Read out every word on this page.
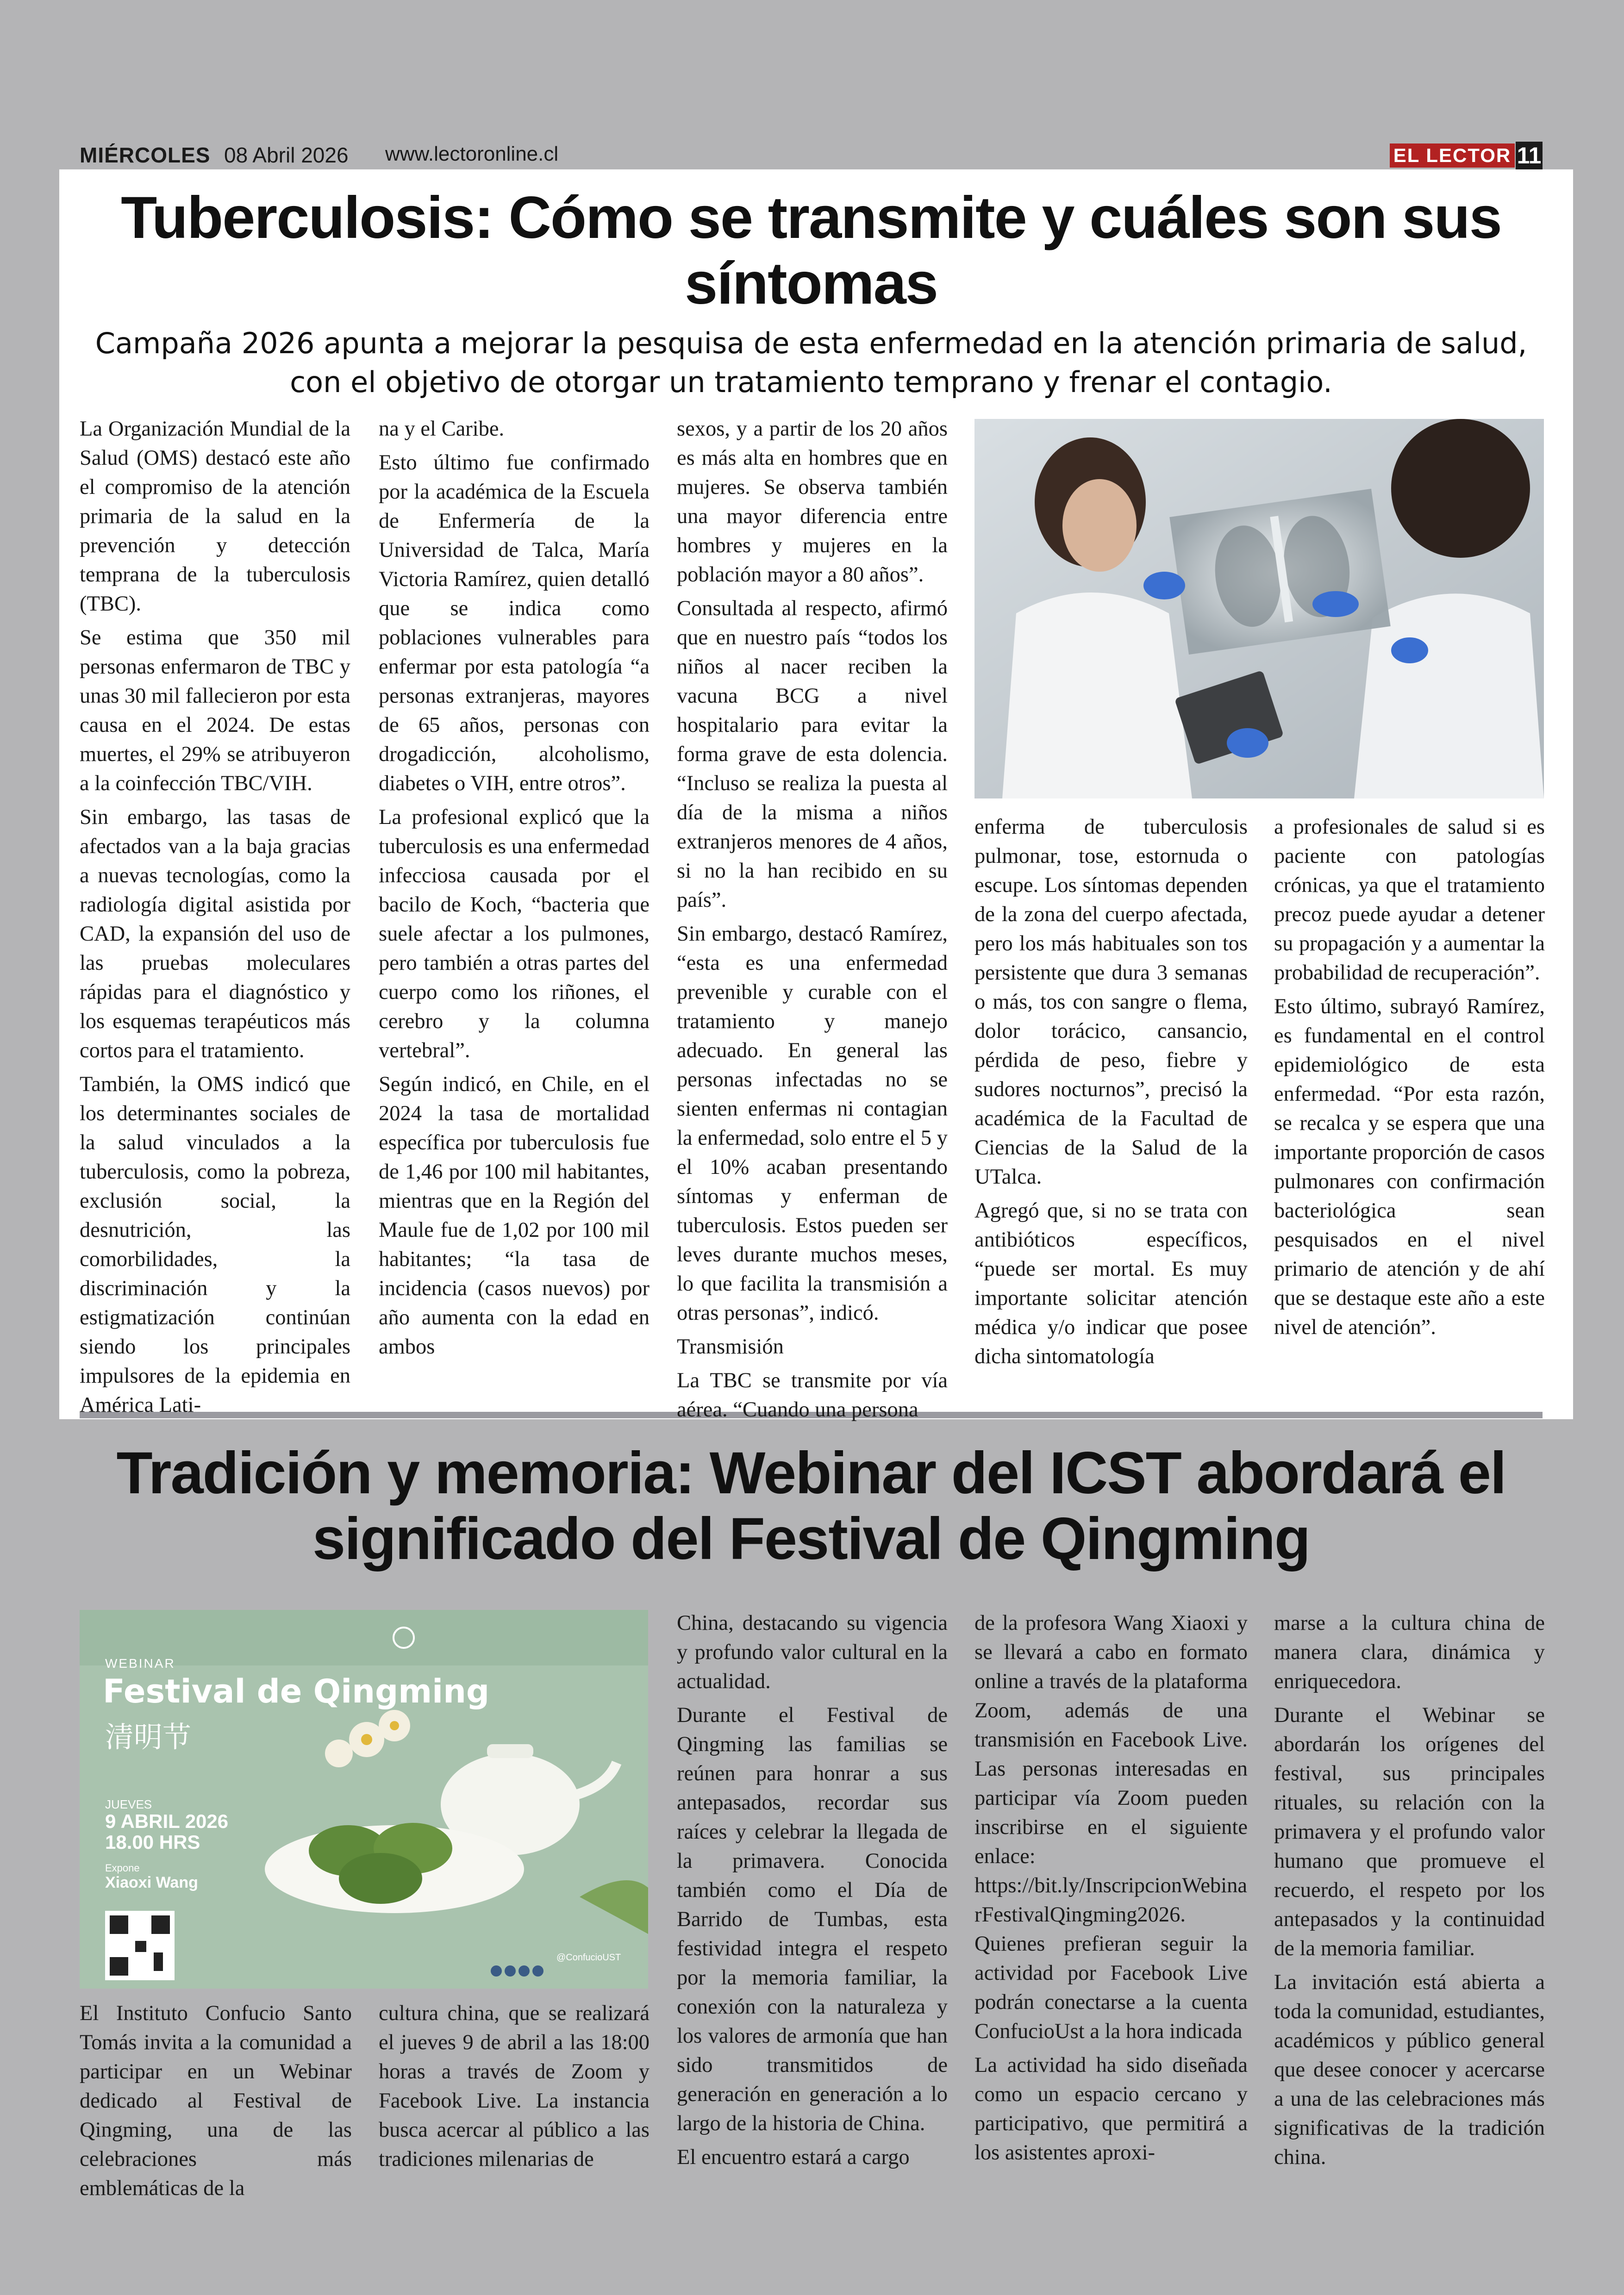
MIÉRCOLES 08 Abril 2026 www.lectoronline.cl	EL LECTOR 11
Tuberculosis: Cómo se transmite y cuáles son sus síntomas
Campaña 2026 apunta a mejorar la pesquisa de esta enfermedad en la atención primaria de salud, con el objetivo de otorgar un tratamiento temprano y frenar el contagio.

La Organización Mundial de la Salud (OMS) destacó este año el compromiso de la atención primaria de la salud en la prevención y detección temprana de la tuberculosis (TBC).

Se estima que 350 mil personas enfermaron de TBC y unas 30 mil fallecieron por esta causa en el 2024. De estas muertes, el 29% se atribuyeron a la coinfección TBC/VIH.

Sin embargo, las tasas de afectados van a la baja gracias a nuevas tecnologías, como la radiología digital asistida por CAD, la expansión del uso de las pruebas moleculares rápidas para el diagnóstico y los esquemas terapéuticos más cortos para el tratamiento.

También, la OMS indicó que los determinantes sociales de la salud vinculados a la tuberculosis, como la pobreza, exclusión social, la desnutrición, las comorbilidades, la discriminación y la estigmatización continúan siendo los principales impulsores de la epidemia en América Lati-

na y el Caribe.

Esto último fue confirmado por la académica de la Escuela de Enfermería de la Universidad de Talca, María Victoria Ramírez, quien detalló que se indica como poblaciones vulnerables para enfermar por esta patología “a personas extranjeras, mayores de 65 años, personas con drogadicción, alcoholismo, diabetes o VIH, entre otros”.

La profesional explicó que la tuberculosis es una enfermedad infecciosa causada por el bacilo de Koch, “bacteria que suele afectar a los pulmones, pero también a otras partes del cuerpo como los riñones, el cerebro y la columna vertebral”.

Según indicó, en Chile, en el 2024 la tasa de mortalidad específica por tuberculosis fue de 1,46 por 100 mil habitantes, mientras que en la Región del Maule fue de 1,02 por 100 mil habitantes; “la tasa de incidencia (casos nuevos) por año aumenta con la edad en ambos

sexos, y a partir de los 20 años es más alta en hombres que en mujeres. Se observa también una mayor diferencia entre hombres y mujeres en la población mayor a 80 años”.

Consultada al respecto, afirmó que en nuestro país “todos los niños al nacer reciben la vacuna BCG a nivel hospitalario para evitar la forma grave de esta dolencia. “Incluso se realiza la puesta al día de la misma a niños extranjeros menores de 4 años, si no la han recibido en su país”.

Sin embargo, destacó Ramírez, “esta es una enfermedad prevenible y curable con el tratamiento y manejo adecuado. En general las personas infectadas no se sienten enfermas ni contagian la enfermedad, solo entre el 5 y el 10% acaban presentando síntomas y enferman de tuberculosis. Estos pueden ser leves durante muchos meses, lo que facilita la transmisión a otras personas”, indicó.

Transmisión

La TBC se transmite por vía aérea. “Cuando una persona

enferma de tuberculosis pulmonar, tose, estornuda o escupe. Los síntomas dependen de la zona del cuerpo afectada, pero los más habituales son tos persistente que dura 3 semanas o más, tos con sangre o flema, dolor torácico, cansancio, pérdida de peso, fiebre y sudores nocturnos”, precisó la académica de la Facultad de Ciencias de la Salud de la UTalca.

Agregó que, si no se trata con antibióticos específicos, “puede ser mortal. Es muy importante solicitar atención médica y/o indicar que posee dicha sintomatología

a profesionales de salud si es paciente con patologías crónicas, ya que el tratamiento precoz puede ayudar a detener su propagación y a aumentar la probabilidad de recuperación”.

Esto último, subrayó Ramírez, es fundamental en el control epidemiológico de esta enfermedad. “Por esta razón, se recalca y se espera que una importante proporción de casos pulmonares con confirmación bacteriológica sean pesquisados en el nivel primario de atención y de ahí que se destaque este año a este nivel de atención”.

Tradición y memoria: Webinar del ICST abordará el significado del Festival de Qingming
WEBINAR
Festival de Qingming
清明节
JUEVES
9 ABRIL 2026
18.00 HRS
Expone
Xiaoxi Wang
@ConfucioUST

El Instituto Confucio Santo Tomás invita a la comunidad a participar en un Webinar dedicado al Festival de Qingming, una de las celebraciones más emblemáticas de la

cultura china, que se realizará el jueves 9 de abril a las 18:00 horas a través de Zoom y Facebook Live. La instancia busca acercar al público a las tradiciones milenarias de

China, destacando su vigencia y profundo valor cultural en la actualidad.

Durante el Festival de Qingming las familias se reúnen para honrar a sus antepasados, recordar sus raíces y celebrar la llegada de la primavera. Conocida también como el Día de Barrido de Tumbas, esta festividad integra el respeto por la memoria familiar, la conexión con la naturaleza y los valores de armonía que han sido transmitidos de generación en generación a lo largo de la historia de China.

El encuentro estará a cargo

de la profesora Wang Xiaoxi y se llevará a cabo en formato online a través de la plataforma Zoom, además de una transmisión en Facebook Live. Las personas interesadas en participar vía Zoom pueden inscribirse en el siguiente enlace: https://bit.ly/InscripcionWebinarFestivalQingming2026. Quienes prefieran seguir la actividad por Facebook Live podrán conectarse a la cuenta ConfucioUst a la hora indicada

La actividad ha sido diseñada como un espacio cercano y participativo, que permitirá a los asistentes aproxi-

marse a la cultura china de manera clara, dinámica y enriquecedora.

Durante el Webinar se abordarán los orígenes del festival, sus principales rituales, su relación con la primavera y el profundo valor humano que promueve el recuerdo, el respeto por los antepasados y la continuidad de la memoria familiar.

La invitación está abierta a toda la comunidad, estudiantes, académicos y público general que desee conocer y acercarse a una de las celebraciones más significativas de la tradición china.
